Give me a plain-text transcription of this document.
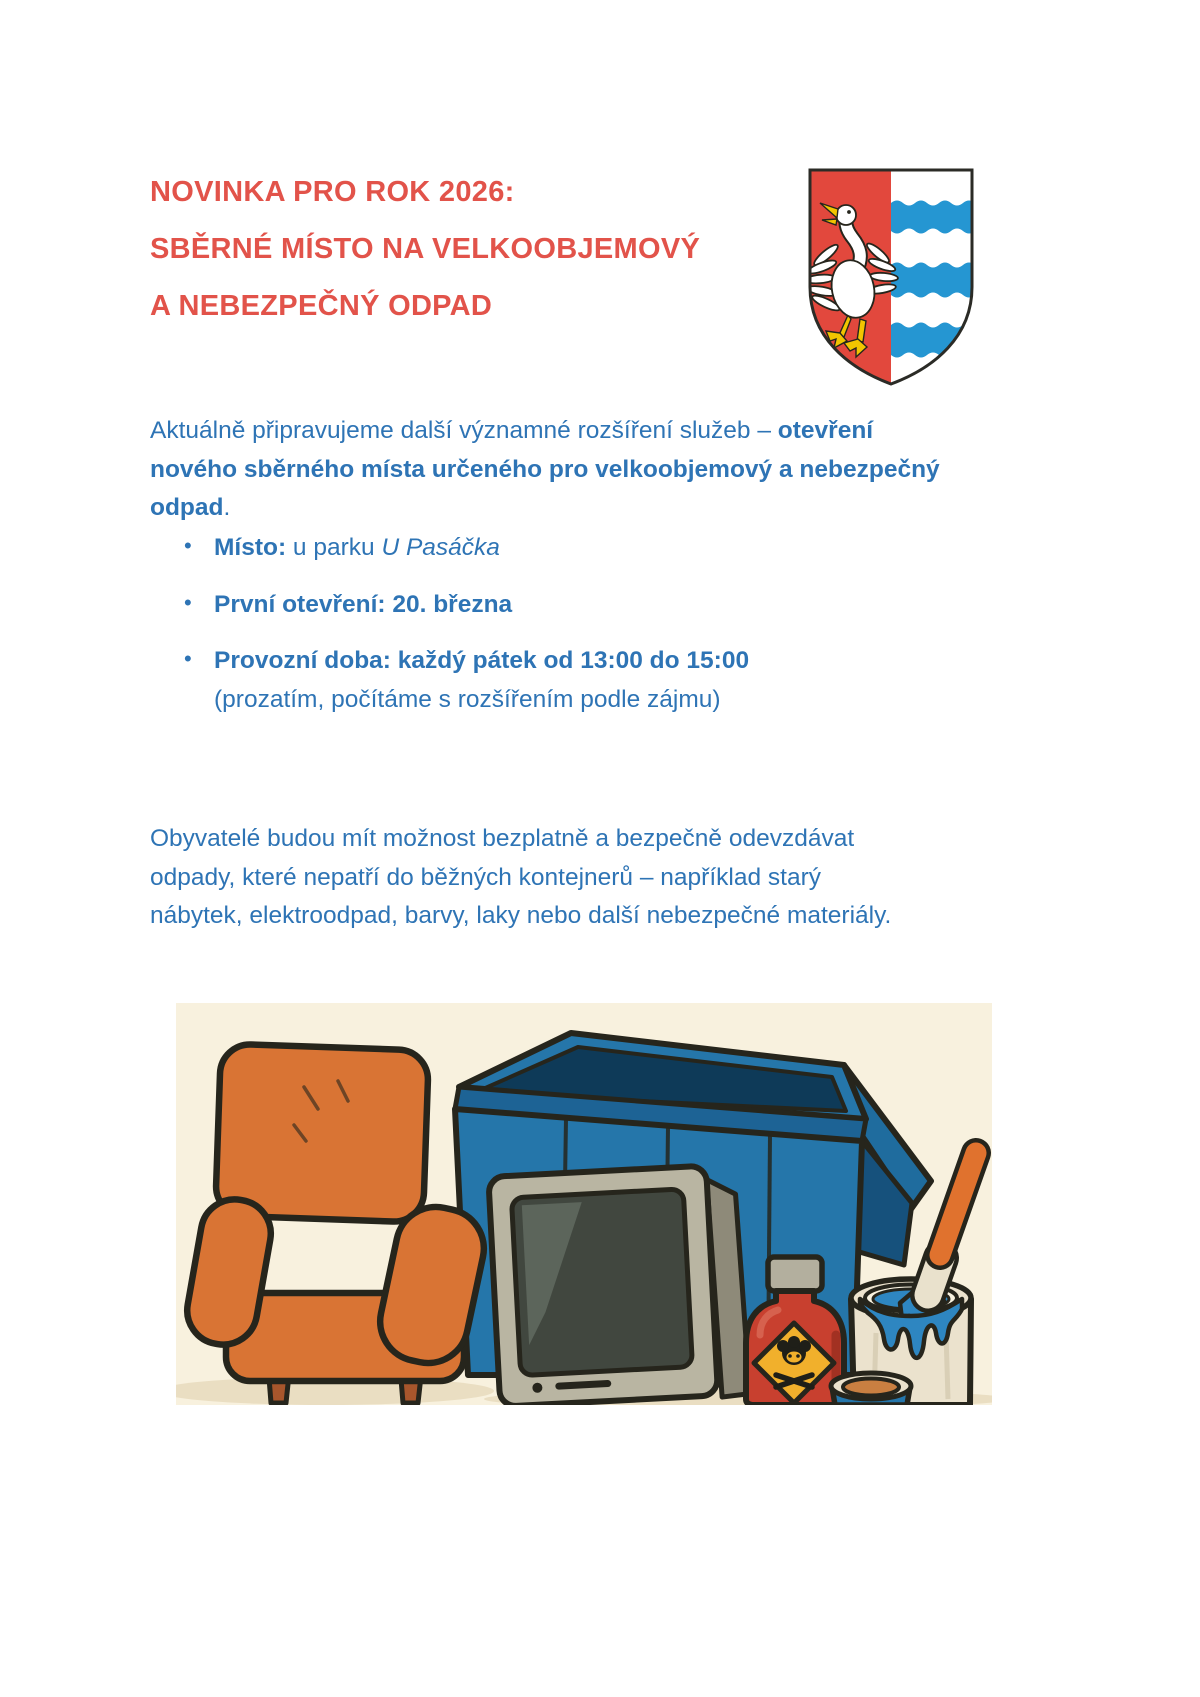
NOVINKA PRO ROK 2026:
SBĚRNÉ MÍSTO NA VELKOOBJEMOVÝ
A NEBEZPEČNÝ ODPAD
Aktuálně připravujeme další významné rozšíření služeb – otevření
nového sběrného místa určeného pro velkoobjemový a nebezpečný
odpad.
• Místo: u parku U Pasáčka
• První otevření: 20. března
• Provozní doba: každý pátek od 13:00 do 15:00
(prozatím, počítáme s rozšířením podle zájmu)
Obyvatelé budou mít možnost bezplatně a bezpečně odevzdávat
odpady, které nepatří do běžných kontejnerů – například starý
nábytek, elektroodpad, barvy, laky nebo další nebezpečné materiály.
